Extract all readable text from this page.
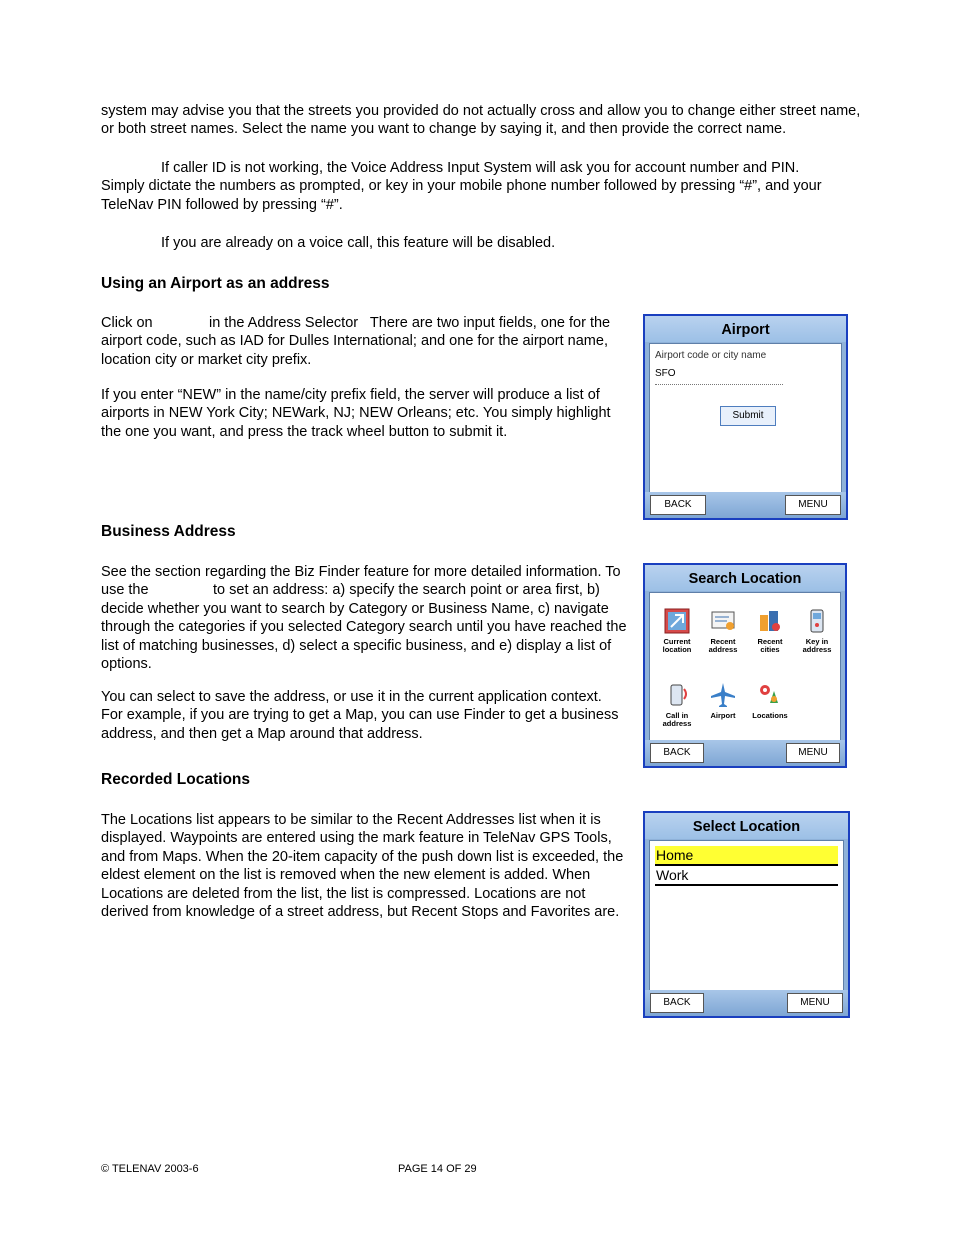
system may advise you that the streets you provided do not actually cross and allow you to change either street name, or both street names. Select the name you want to change by saying it, and then provide the correct name.

If caller ID is not working, the Voice Address Input System will ask you for account number and PIN. Simply dictate the numbers as prompted, or key in your mobile phone number followed by pressing “#”, and your TeleNav PIN followed by pressing “#”.

If you are already on a voice call, this feature will be disabled.

Using an Airport as an address

Click on              in the Address Selector   There are two input fields, one for the airport code, such as IAD for Dulles International; and one for the airport name, location city or market city prefix.

If you enter “NEW” in the name/city prefix field, the server will produce a list of airports in NEW York City; NEWark, NJ; NEW Orleans; etc. You simply highlight the one you want, and press the track wheel button to submit it.

Airport
Airport code or city name
SFO
Submit
BACK	MENU
Business Address

See the section regarding the Biz Finder feature for more detailed information. To use the                to set an address: a) specify the search point or area first, b) decide whether you want to search by Category or Business Name, c) navigate through the categories if you selected Category search until you have reached the list of matching businesses, d) select a specific business, and e) display a list of options.

You can select to save the address, or use it in the current application context. For example, if you are trying to get a Map, you can use Finder to get a business address, and then get a Map around that address.

Search Location
Current
location
Recent
address
Recent
cities
Key in
address
Call in
address
Airport	Locations
BACK	MENU
Recorded Locations

The Locations list appears to be similar to the Recent Addresses list when it is displayed. Waypoints are entered using the mark feature in TeleNav GPS Tools, and from Maps. When the 20-item capacity of the push down list is exceeded, the eldest element on the list is removed when the new element is added. When Locations are deleted from the list, the list is compressed. Locations are not derived from knowledge of a street address, but Recent Stops and Favorites are.

Select Location
Home
Work
BACK	MENU
© TELENAV 2003-6	PAGE 14 OF 29
